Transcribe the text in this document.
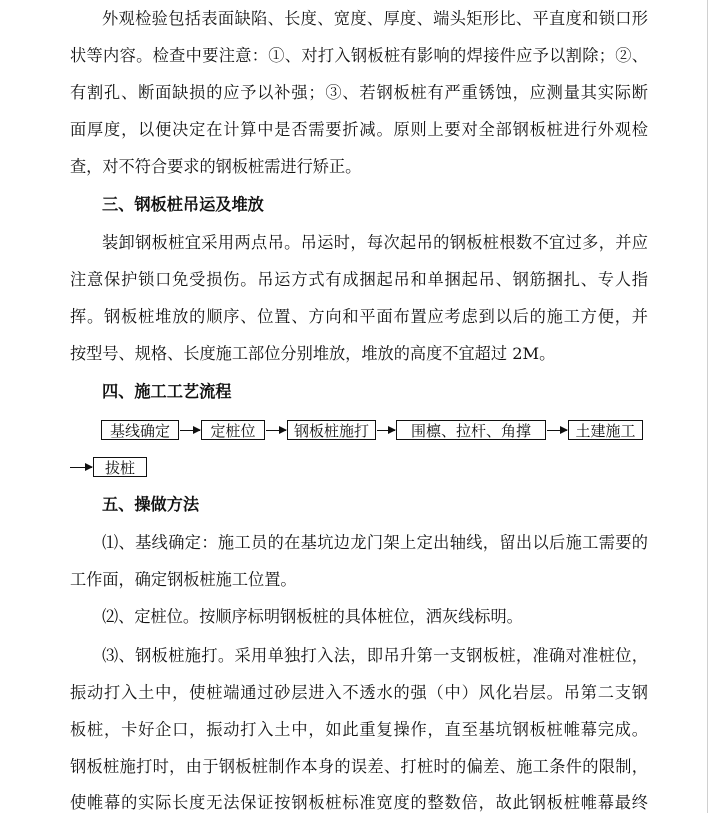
外观检验包括表面缺陷、长度、宽度、厚度、端头矩形比、平直度和锁口形
状等内容。检查中要注意：①、对打入钢板桩有影响的焊接件应予以割除；②、
有割孔、断面缺损的应予以补强；③、若钢板桩有严重锈蚀，应测量其实际断
面厚度，以便决定在计算中是否需要折减。原则上要对全部钢板桩进行外观检
查，对不符合要求的钢板桩需进行矫正。
三、钢板桩吊运及堆放
装卸钢板桩宜采用两点吊。吊运时，每次起吊的钢板桩根数不宜过多，并应
注意保护锁口免受损伤。吊运方式有成捆起吊和单捆起吊、钢筋捆扎、专人指
挥。钢板桩堆放的顺序、位置、方向和平面布置应考虑到以后的施工方便，并
按型号、规格、长度施工部位分别堆放，堆放的高度不宜超过 2M。
四、施工工艺流程
基线确定	定桩位	钢板桩施打	围檩、拉杆、角撑	土建施工
拔桩
五、操做方法
⑴、基线确定：施工员的在基坑边龙门架上定出轴线，留出以后施工需要的
工作面，确定钢板桩施工位置。
⑵、定桩位。按顺序标明钢板桩的具体桩位，洒灰线标明。
⑶、钢板桩施打。采用单独打入法，即吊升第一支钢板桩，准确对准桩位，
振动打入土中，使桩端通过砂层进入不透水的强（中）风化岩层。吊第二支钢
板桩，卡好企口，振动打入土中，如此重复操作，直至基坑钢板桩帷幕完成。
钢板桩施打时，由于钢板桩制作本身的误差、打桩时的偏差、施工条件的限制，
使帷幕的实际长度无法保证按钢板桩标准宽度的整数倍，故此钢板桩帷幕最终
